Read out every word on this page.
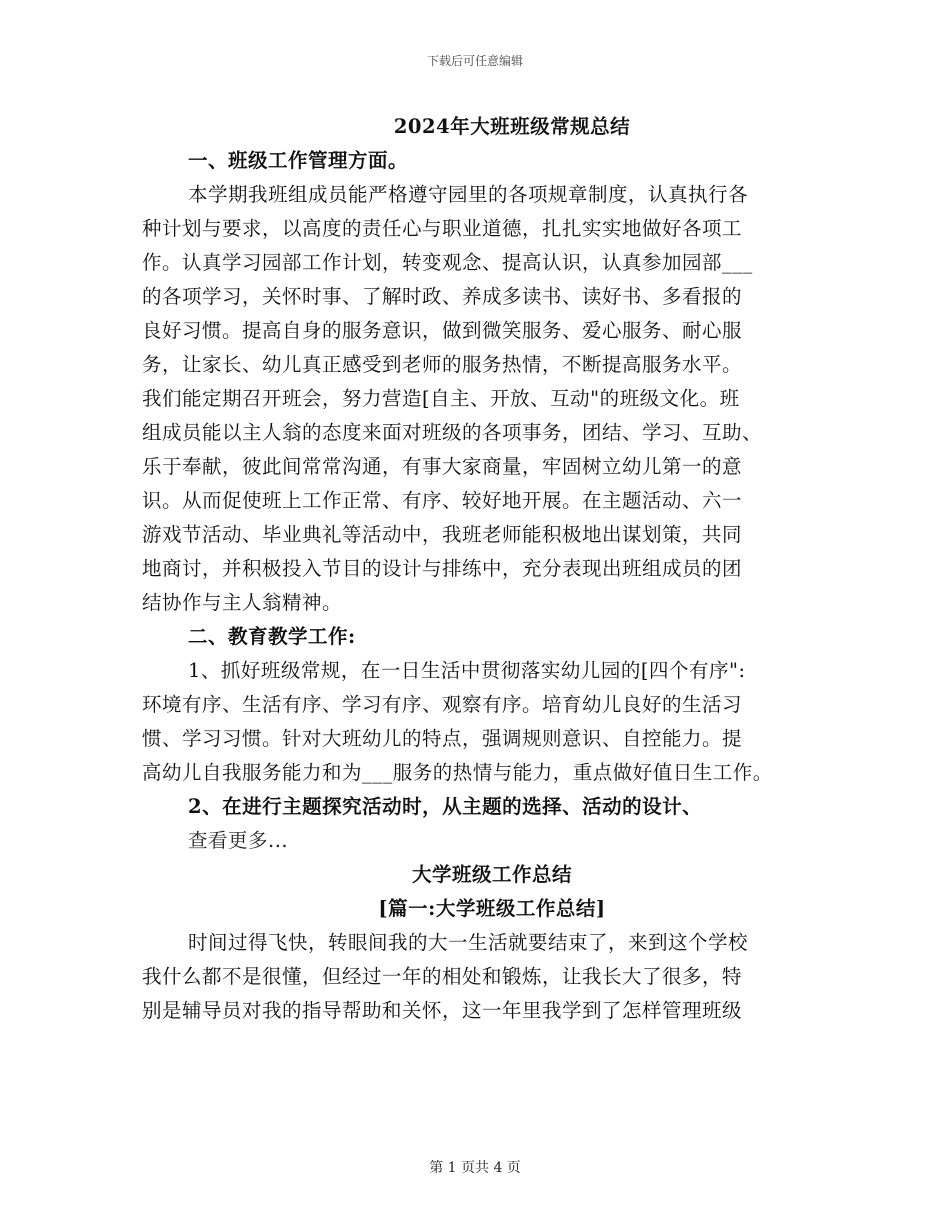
下载后可任意编辑
2024年大班班级常规总结
一、班级工作管理方面。
本学期我班组成员能严格遵守园里的各项规章制度，认真执行各
种计划与要求，以高度的责任心与职业道德，扎扎实实地做好各项工
作。认真学习园部工作计划，转变观念、提高认识，认真参加园部___
的各项学习，关怀时事、了解时政、养成多读书、读好书、多看报的
良好习惯。提高自身的服务意识，做到微笑服务、爱心服务、耐心服
务，让家长、幼儿真正感受到老师的服务热情，不断提高服务水平。
我们能定期召开班会，努力营造[自主、开放、互动"的班级文化。班
组成员能以主人翁的态度来面对班级的各项事务，团结、学习、互助、
乐于奉献，彼此间常常沟通，有事大家商量，牢固树立幼儿第一的意
识。从而促使班上工作正常、有序、较好地开展。在主题活动、六一
游戏节活动、毕业典礼等活动中，我班老师能积极地出谋划策，共同
地商讨，并积极投入节目的设计与排练中，充分表现出班组成员的团
结协作与主人翁精神。
二、教育教学工作:
1、抓好班级常规，在一日生活中贯彻落实幼儿园的[四个有序":
环境有序、生活有序、学习有序、观察有序。培育幼儿良好的生活习
惯、学习习惯。针对大班幼儿的特点，强调规则意识、自控能力。提
高幼儿自我服务能力和为___服务的热情与能力，重点做好值日生工作。
2、在进行主题探究活动时，从主题的选择、活动的设计、
查看更多...
大学班级工作总结
[篇一:大学班级工作总结]
时间过得飞快，转眼间我的大一生活就要结束了，来到这个学校
我什么都不是很懂，但经过一年的相处和锻炼，让我长大了很多，特
别是辅导员对我的指导帮助和关怀，这一年里我学到了怎样管理班级
第 1 页共 4 页
